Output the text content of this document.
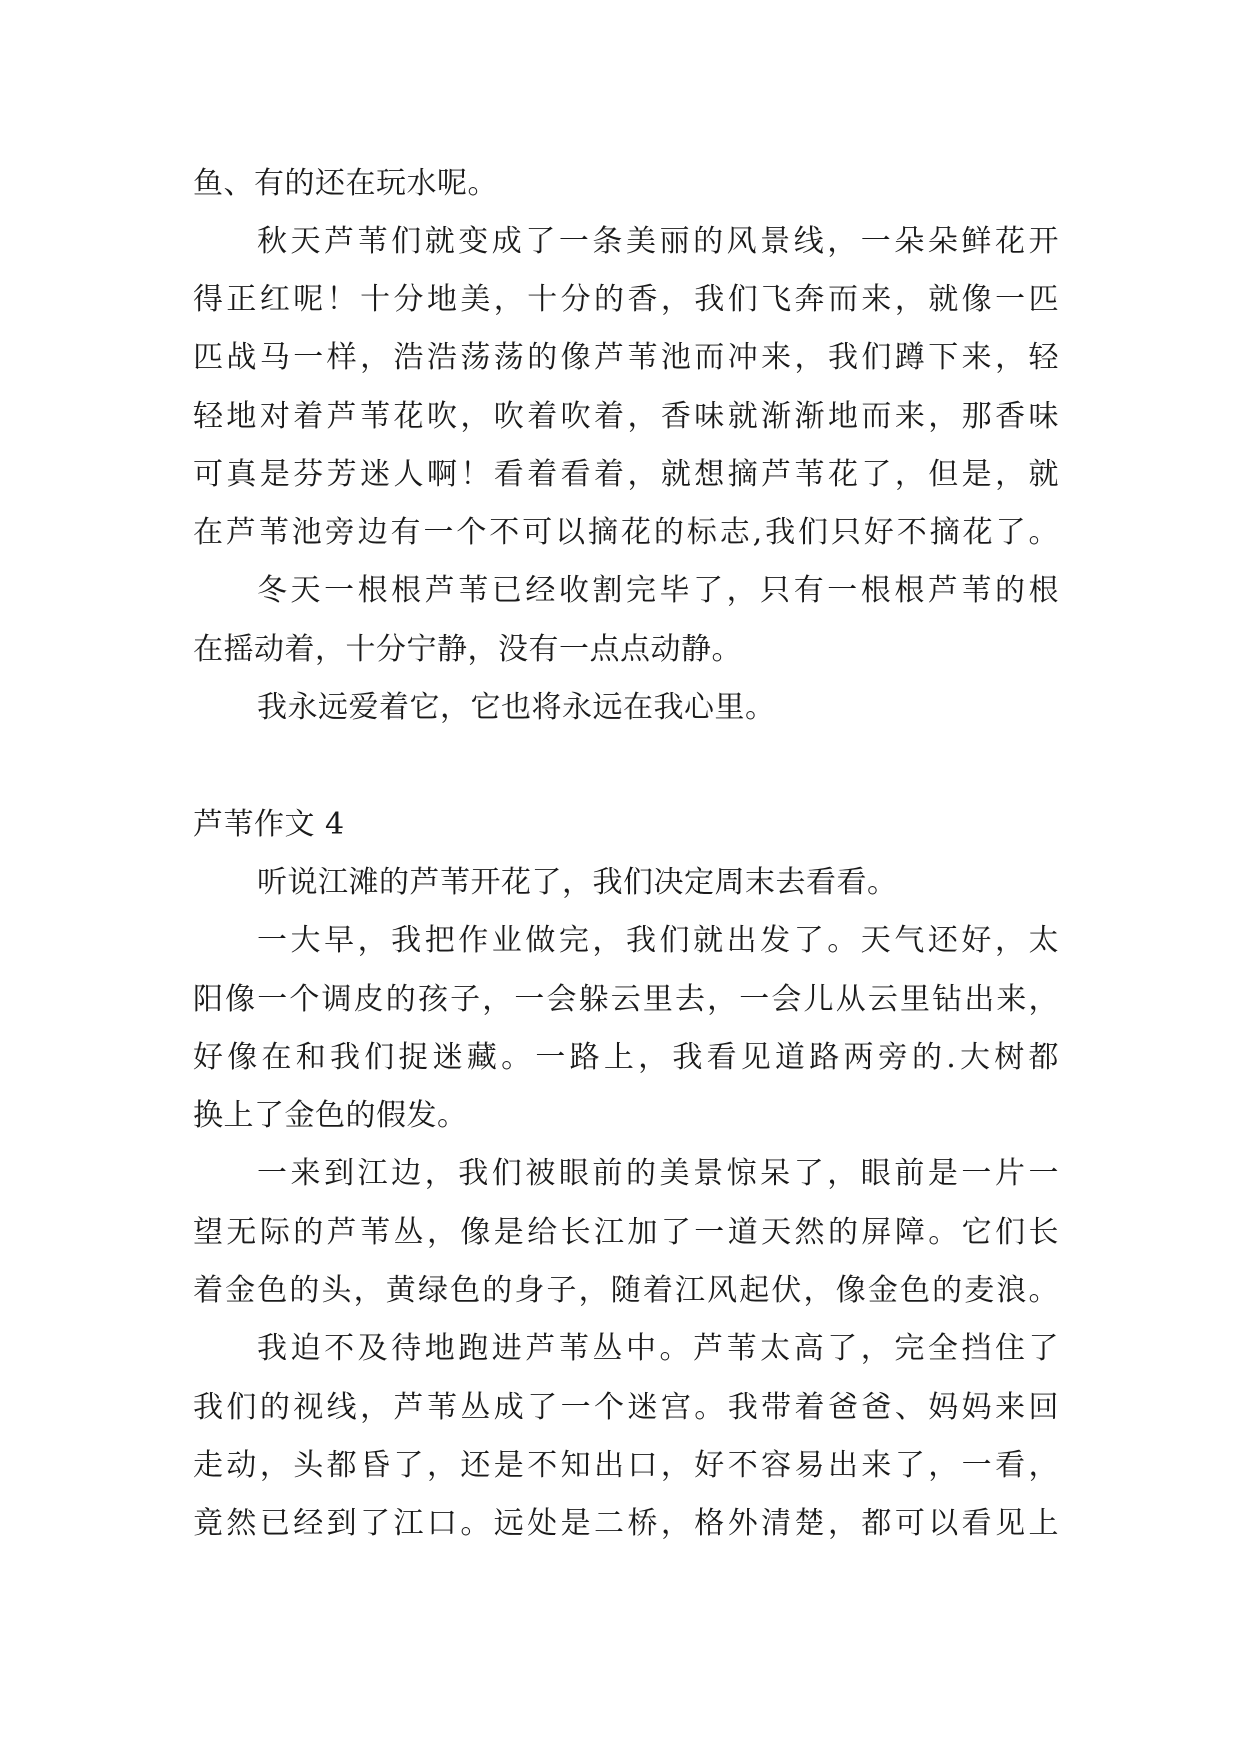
鱼、有的还在玩水呢。
秋天芦苇们就变成了一条美丽的风景线，一朵朵鲜花开
得正红呢！十分地美，十分的香，我们飞奔而来，就像一匹
匹战马一样，浩浩荡荡的像芦苇池而冲来，我们蹲下来，轻
轻地对着芦苇花吹，吹着吹着，香味就渐渐地而来，那香味
可真是芬芳迷人啊！看着看着，就想摘芦苇花了，但是，就
在芦苇池旁边有一个不可以摘花的标志,我们只好不摘花了。
冬天一根根芦苇已经收割完毕了，只有一根根芦苇的根
在摇动着，十分宁静，没有一点点动静。
我永远爱着它，它也将永远在我心里。
芦苇作文 4
听说江滩的芦苇开花了，我们决定周末去看看。
一大早，我把作业做完，我们就出发了。天气还好，太
阳像一个调皮的孩子，一会躲云里去，一会儿从云里钻出来，
好像在和我们捉迷藏。一路上，我看见道路两旁的.大树都
换上了金色的假发。
一来到江边，我们被眼前的美景惊呆了，眼前是一片一
望无际的芦苇丛，像是给长江加了一道天然的屏障。它们长
着金色的头，黄绿色的身子，随着江风起伏，像金色的麦浪。
我迫不及待地跑进芦苇丛中。芦苇太高了，完全挡住了
我们的视线，芦苇丛成了一个迷宫。我带着爸爸、妈妈来回
走动，头都昏了，还是不知出口，好不容易出来了，一看，
竟然已经到了江口。远处是二桥，格外清楚，都可以看见上
